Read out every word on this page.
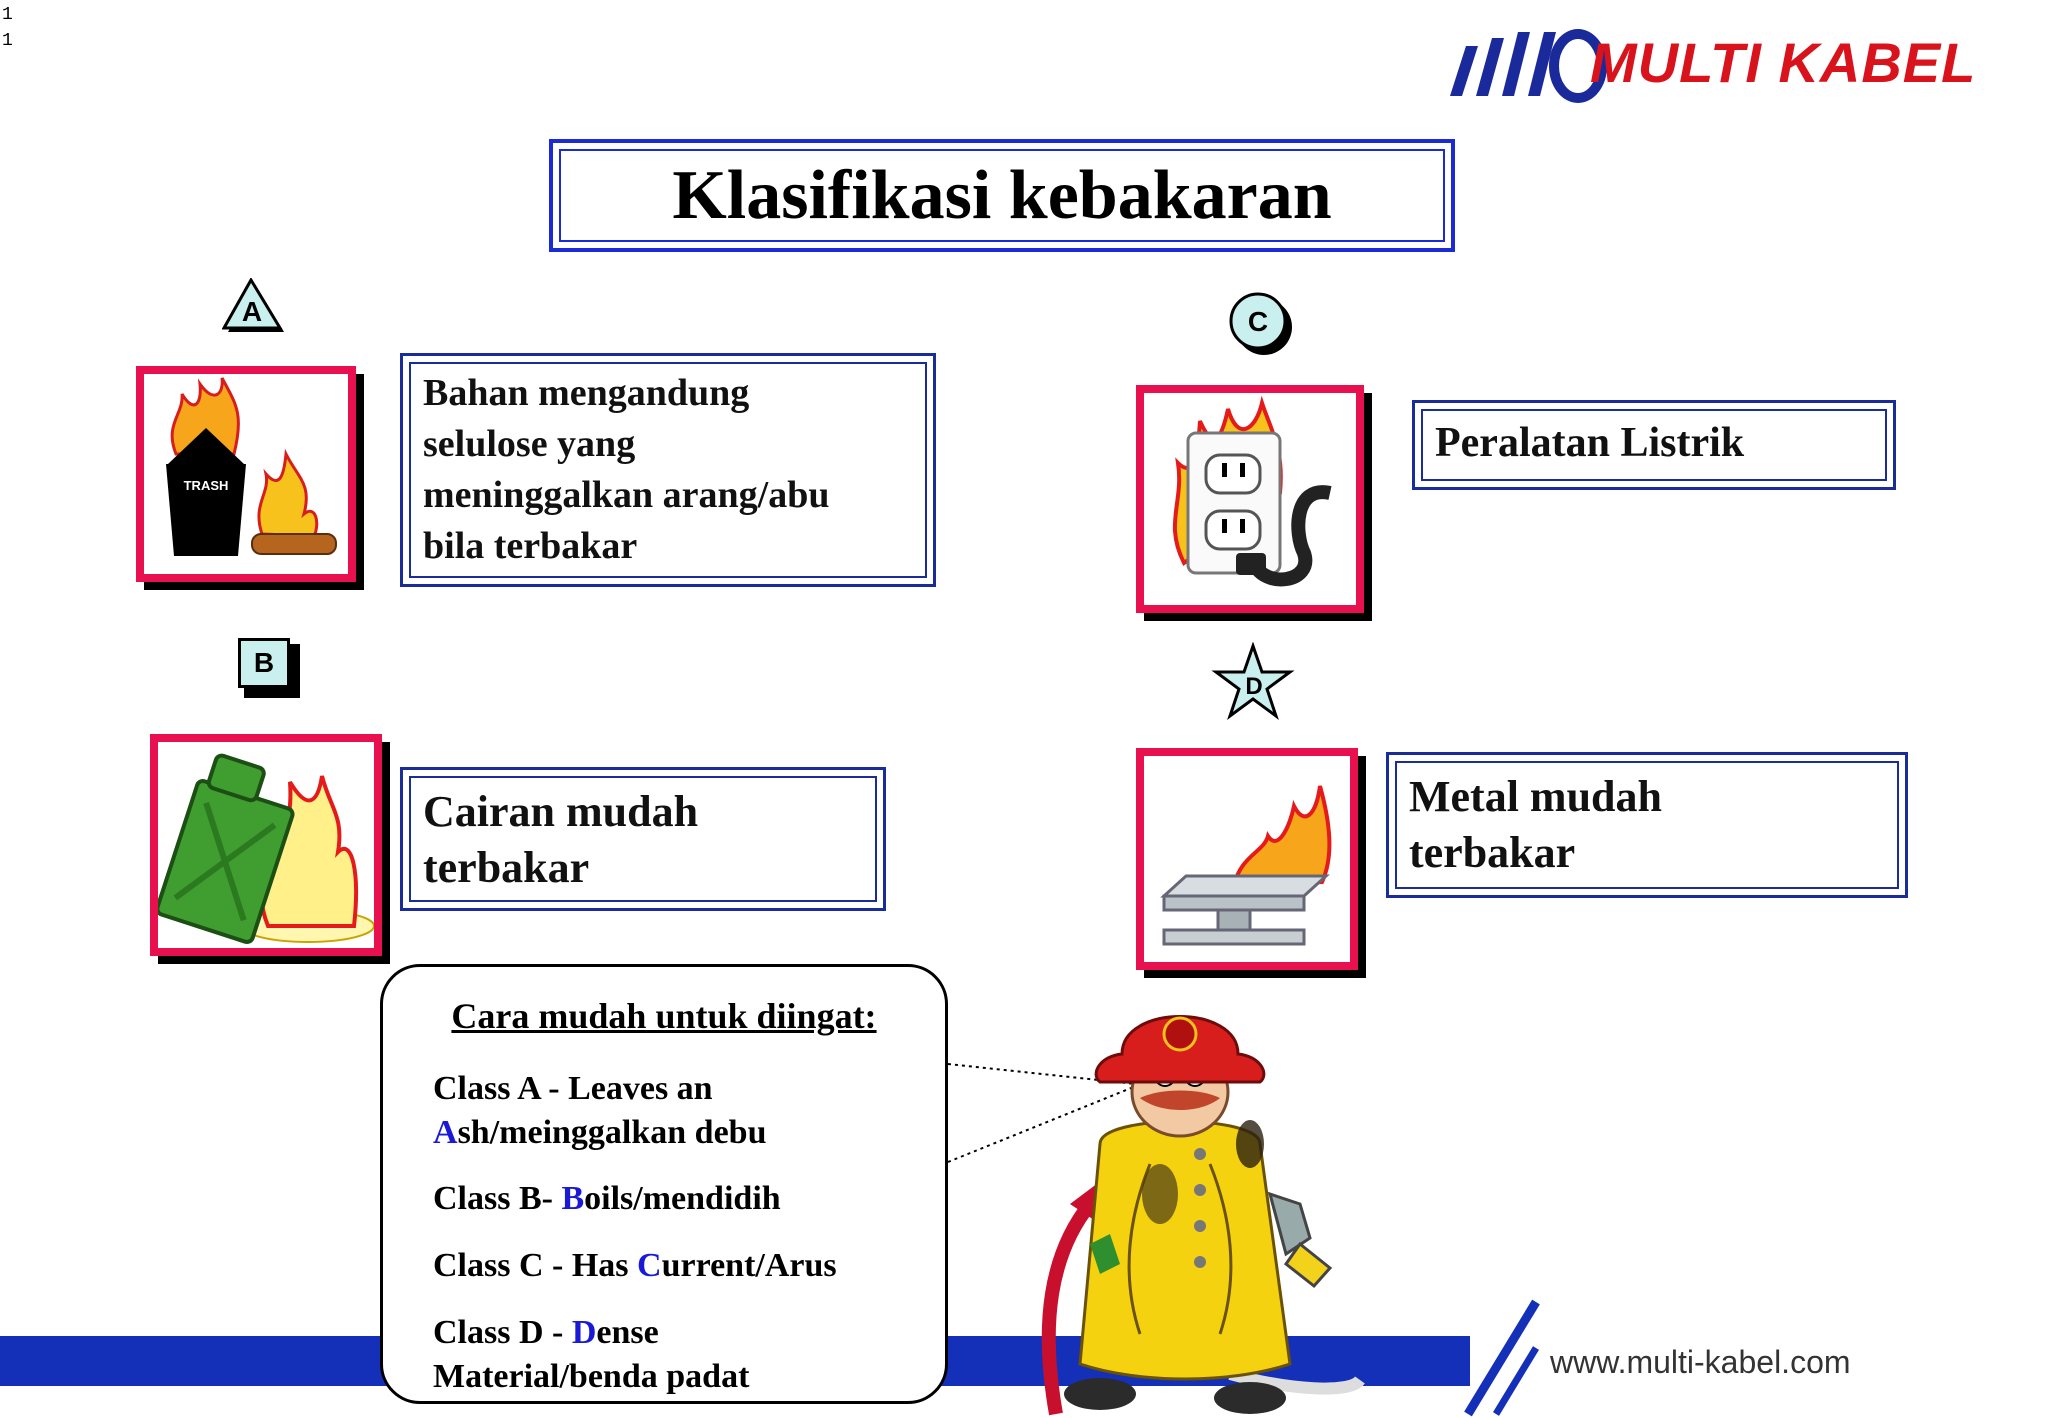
1
1	MULTI KABEL
Klasifikasi kebakaran
A
TRASH
Bahan mengandung
selulose yang
meninggalkan arang/abu
bila terbakar
B
Cairan mudah
terbakar
C
Peralatan Listrik
D
Metal mudah
terbakar
www.multi-kabel.com
Cara mudah untuk diingat:
Class A - Leaves an
Ash/meinggalkan debu
Class B- Boils/mendidih
Class C - Has Current/Arus
Class D - Dense
Material/benda padat
